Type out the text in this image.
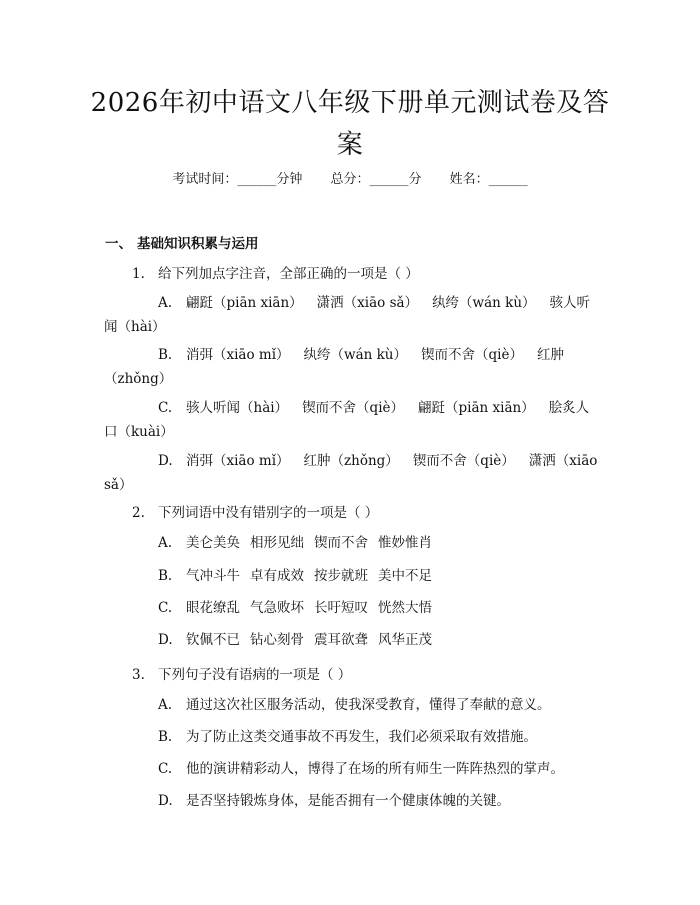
2026年初中语文八年级下册单元测试卷及答案
考试时间：______分钟 总分：______分 姓名：______
一、 基础知识积累与运用
1. 给下列加点字注音，全部正确的一项是（ ）
A. 翩跹（piān xiān） 潇洒（xiāo sǎ） 纨绔（wán kù） 骇人听闻（hài）
B. 消弭（xiāo mǐ） 纨绔（wán kù） 锲而不舍（qiè） 红肿（zhǒng）
C. 骇人听闻（hài） 锲而不舍（qiè） 翩跹（piān xiān） 脍炙人口（kuài）
D. 消弭（xiāo mǐ） 红肿（zhǒng） 锲而不舍（qiè） 潇洒（xiāo sǎ）
2. 下列词语中没有错别字的一项是（ ）
A. 美仑美奂 相形见绌 锲而不舍 惟妙惟肖
B. 气冲斗牛 卓有成效 按步就班 美中不足
C. 眼花缭乱 气急败坏 长吁短叹 恍然大悟
D. 钦佩不已 钻心刻骨 震耳欲聋 风华正茂
3. 下列句子没有语病的一项是（ ）
A. 通过这次社区服务活动，使我深受教育，懂得了奉献的意义。
B. 为了防止这类交通事故不再发生，我们必须采取有效措施。
C. 他的演讲精彩动人，博得了在场的所有师生一阵阵热烈的掌声。
D. 是否坚持锻炼身体，是能否拥有一个健康体魄的关键。
